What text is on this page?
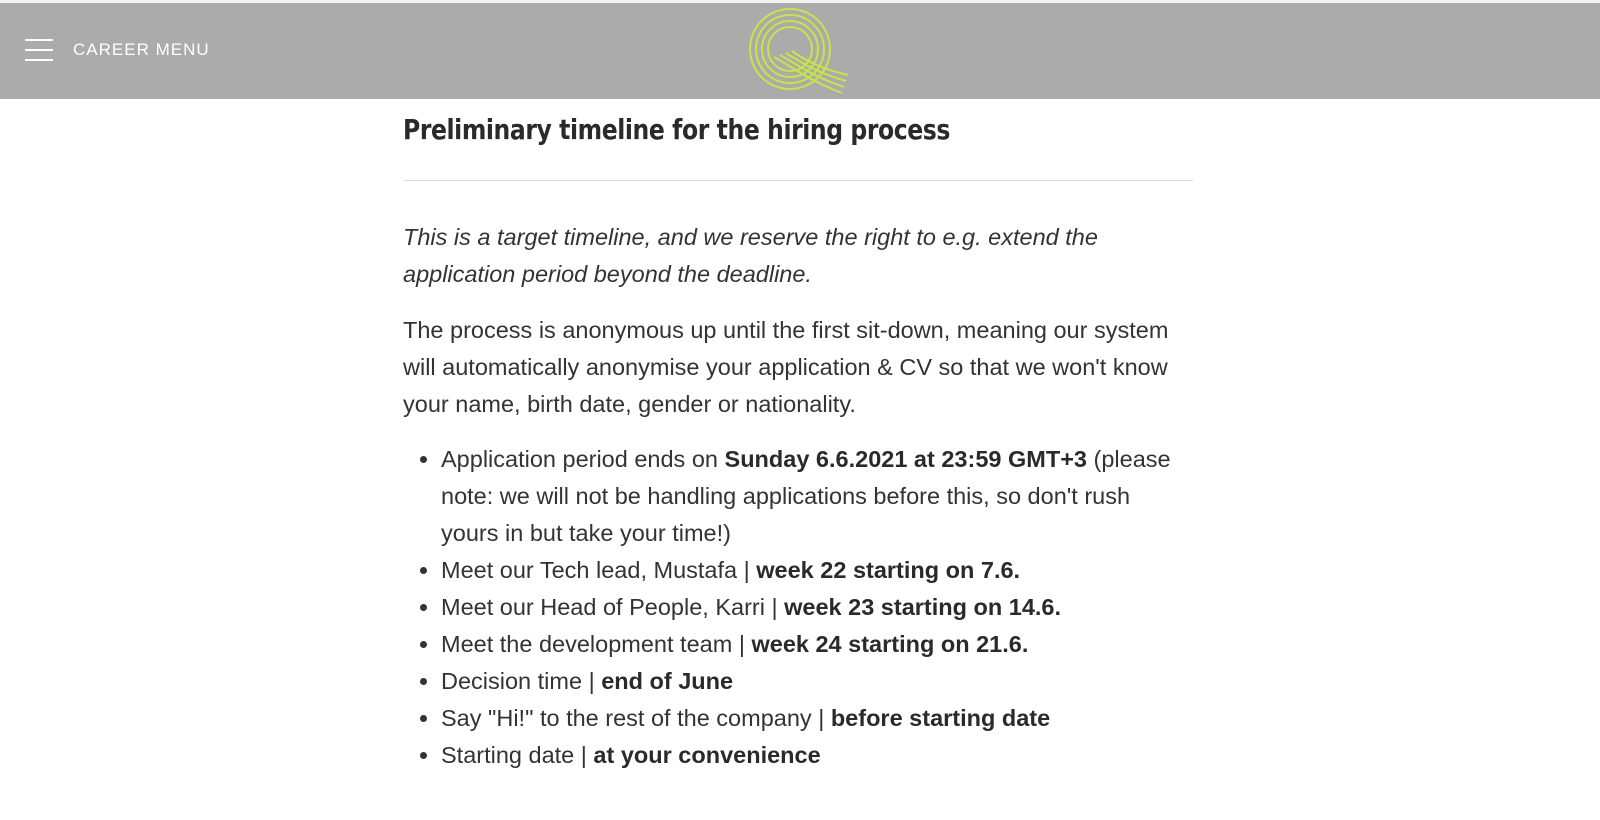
CAREER MENU
Preliminary timeline for the hiring process

This is a target timeline, and we reserve the right to e.g. extend the application period beyond the deadline.

The process is anonymous up until the first sit-down, meaning our system will automatically anonymise your application & CV so that we won't know your name, birth date, gender or nationality.

• Application period ends on Sunday 6.6.2021 at 23:59 GMT+3 (please note: we will not be handling applications before this, so don't rush yours in but take your time!)
• Meet our Tech lead, Mustafa | week 22 starting on 7.6.
• Meet our Head of People, Karri | week 23 starting on 14.6.
• Meet the development team | week 24 starting on 21.6.
• Decision time | end of June
• Say "Hi!" to the rest of the company | before starting date
• Starting date | at your convenience
